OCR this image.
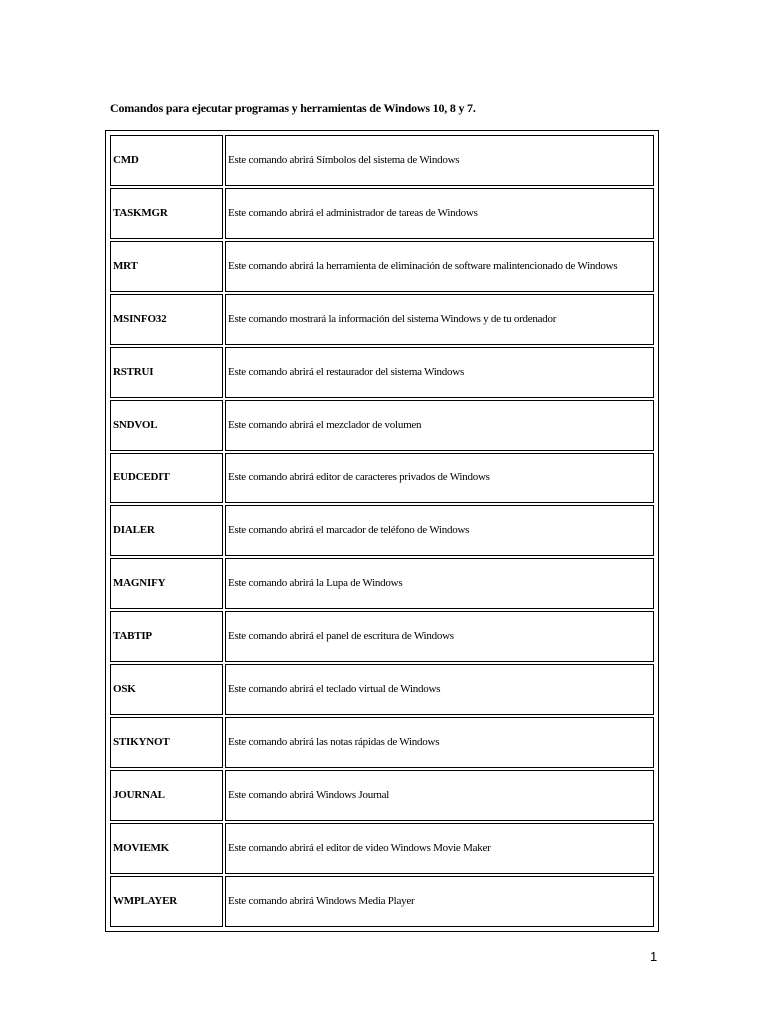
Comandos para ejecutar programas y herramientas de Windows 10, 8 y 7.
CMD	Este comando abrirá Símbolos del sistema de Windows
TASKMGR	Este comando abrirá el administrador de tareas de Windows
MRT	Este comando abrirá la herramienta de eliminación de software malintencionado de Windows
MSINFO32	Este comando mostrará la información del sistema Windows y de tu ordenador
RSTRUI	Este comando abrirá el restaurador del sistema Windows
SNDVOL	Este comando abrirá el mezclador de volumen
EUDCEDIT	Este comando abrirá editor de caracteres privados de Windows
DIALER	Este comando abrirá el marcador de teléfono de Windows
MAGNIFY	Este comando abrirá la Lupa de Windows
TABTIP	Este comando abrirá el panel de escritura de Windows
OSK	Este comando abrirá el teclado virtual de Windows
STIKYNOT	Este comando abrirá las notas rápidas de Windows
JOURNAL	Este comando abrirá Windows Journal
MOVIEMK	Este comando abrirá el editor de video Windows Movie Maker
WMPLAYER	Este comando abrirá Windows Media Player
1
